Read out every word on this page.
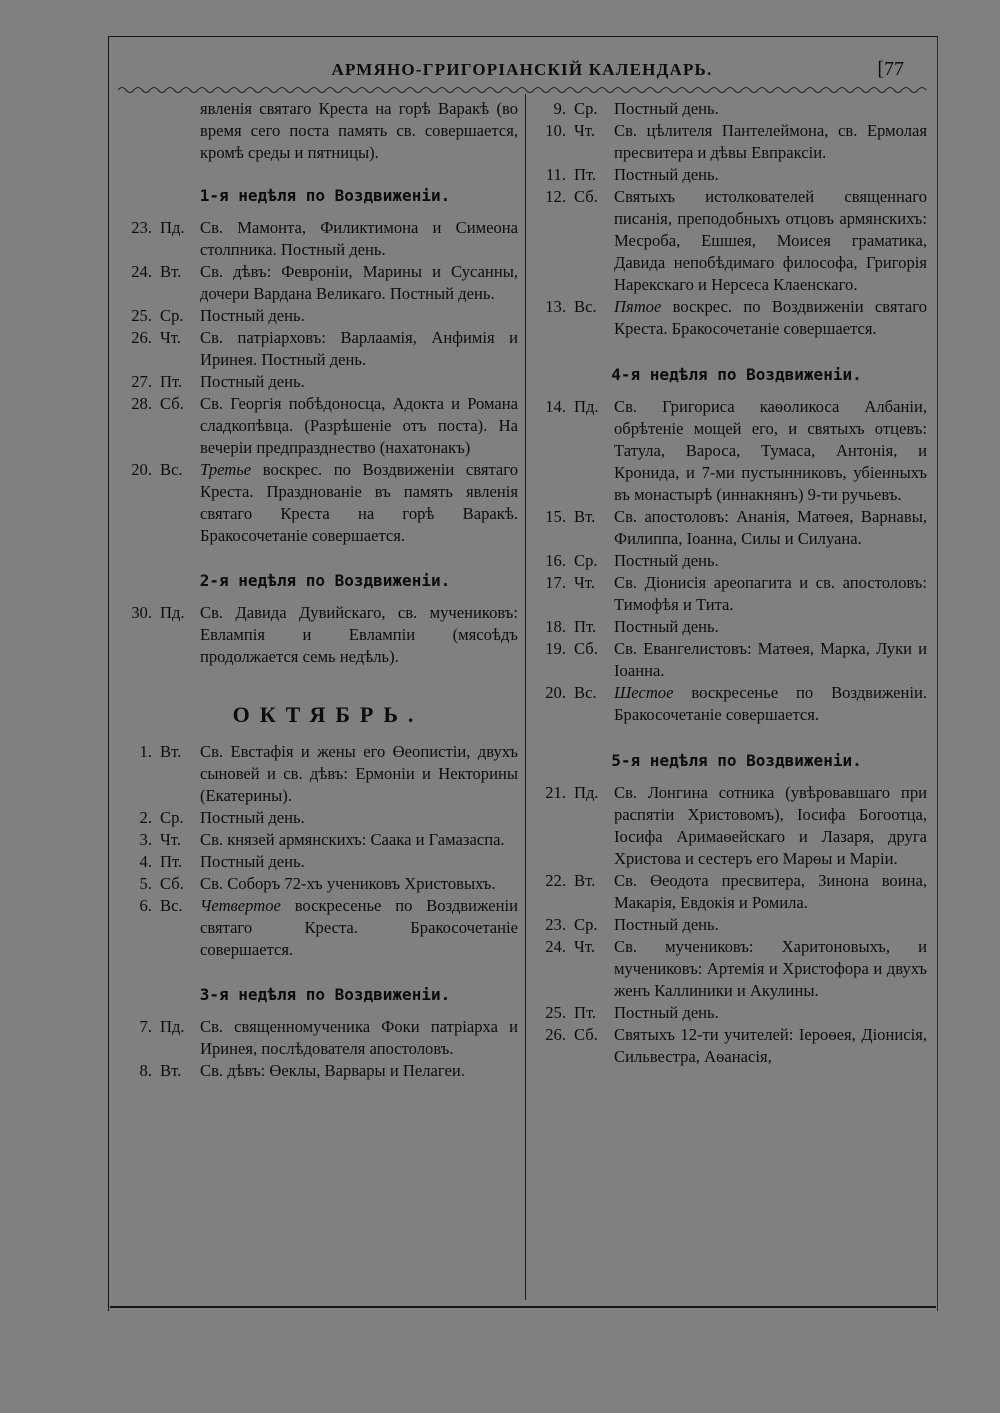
АРМЯНО-ГРИГОРІАНСКІЙ КАЛЕНДАРЬ.	[77
явленія святаго Креста на горѣ Варакѣ (во время сего поста память св. совершается, кромѣ среды и пятницы).
1-я недѣля по Воздвиженіи.
23. Пд. Св. Мамонта, Филиктимона и Симеона столпника. Постный день.
24. Вт.	Св. дѣвъ: Февроніи, Марины и Сусанны, дочери Вардана Великаго. Постный день.
25. Ср. Постный день.
26. Чт.	Св. патріарховъ: Варлаамія, Анфимія и Иринея. Постный день.
27. Пт.	Постный день.
28. Сб. Св. Георгія побѣдоносца, Адокта и Романа сладкопѣвца. (Разрѣшеніе отъ поста). На вечеріи предпразднество (нахатонакъ)
20. Вс.	Третье воскрес. по Воздвиженіи святаго Креста. Празднованіе въ память явленія святаго Креста на горѣ Варакѣ. Бракосочетаніе совершается.
2-я недѣля по Воздвиженіи.
30. Пд. Св. Давида Дувийскаго, св. мучениковъ: Евлампія и Евлампіи (мясоѣдъ продолжается семь недѣль).
ОКТЯБРЬ.
1. Вт.	Св. Евстафія и жены его Өеопистіи, двухъ сыновей и св. дѣвъ: Ермоніи и Некторины (Екатерины).
2. Ср. Постный день.
3. Чт.	Св. князей армянскихъ: Саака и Гамазаспа.
4. Пт.	Постный день.
5. Сб. Св. Соборъ 72-хъ учениковъ Христовыхъ.
6. Вс.	Четвертое воскресенье по Воздвиженіи святаго Креста. Бракосочетаніе совершается.
3-я недѣля по Воздвиженіи.
7. Пд. Св. священномученика Фоки патріарха и Иринея, послѣдователя апостоловъ.
8. Вт.	Св. дѣвъ: Өеклы, Варвары и Пелагеи.
9. Ср. Постный день.
10. Чт.	Св. цѣлителя Пантелеймона, св. Ермолая пресвитера и дѣвы Евпраксіи.
11. Пт.	Постный день.
12. Сб. Святыхъ истолкователей священнаго писанія, преподобныхъ отцовъ армянскихъ: Месроба, Ешшея, Моисея граматика, Давида непобѣдимаго философа, Григорія Нарекскаго и Нерсеса Клаенскаго.
13. Вс.	Пятое воскрес. по Воздвиженіи святаго Креста. Бракосочетаніе совершается.
4-я недѣля по Воздвиженіи.
14. Пд. Св. Григориса каѳоликоса Албаніи, обрѣтеніе мощей его, и святыхъ отцевъ: Татула, Вароса, Тумаса, Антонія, и Кронида, и 7-ми пустынниковъ, убіенныхъ въ монастырѣ (иннакнянъ) 9-ти ручьевъ.
15. Вт.	Св. апостоловъ: Ананія, Матѳея, Варнавы, Филиппа, Іоанна, Силы и Силуана.
16. Ср. Постный день.
17. Чт.	Св. Діонисія ареопагита и св. апостоловъ: Тимофѣя и Тита.
18. Пт.	Постный день.
19. Сб. Св. Евангелистовъ: Матѳея, Марка, Луки и Іоанна.
20. Вс.	Шестое воскресенье по Воздвиженіи. Бракосочетаніе совершается.
5-я недѣля по Воздвиженіи.
21. Пд. Св. Лонгина сотника (увѣровавшаго при распятіи Христовомъ), Іосифа Богоотца, Іосифа Аримаѳейскаго и Лазаря, друга Христова и сестеръ его Марѳы и Маріи.
22. Вт.	Св. Өеодота пресвитера, Зинона воина, Макарія, Евдокія и Ромила.
23. Ср. Постный день.
24. Чт.	Св. мучениковъ: Харитоновыхъ, и мучениковъ: Артемія и Христофора и двухъ женъ Каллиники и Акулины.
25. Пт.	Постный день.
26. Сб. Святыхъ 12-ти учителей: Іероѳея, Діонисія, Сильвестра, Аѳанасія,
